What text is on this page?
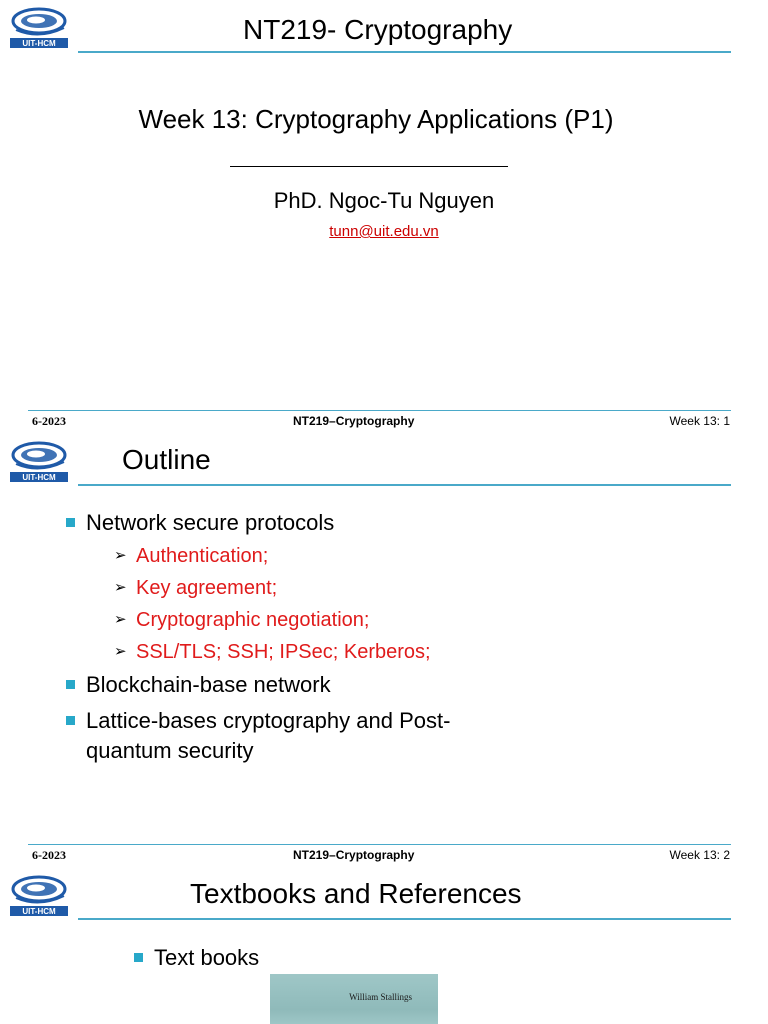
UIT-HCM	NT219- Cryptography
Week 13: Cryptography Applications (P1)
PhD. Ngoc-Tu Nguyen
tunn@uit.edu.vn
6-2023	NT219–Cryptography	Week 13: 1
UIT-HCM
Outline
Network secure protocols
➢ Authentication;
➢ Key agreement;
➢ Cryptographic negotiation;
➢ SSL/TLS; SSH; IPSec; Kerberos;
Blockchain-base network
Lattice-bases cryptography and Post-quantum security
6-2023	NT219–Cryptography	Week 13: 2
UIT-HCM
Textbooks and References
Text books
William Stallings
